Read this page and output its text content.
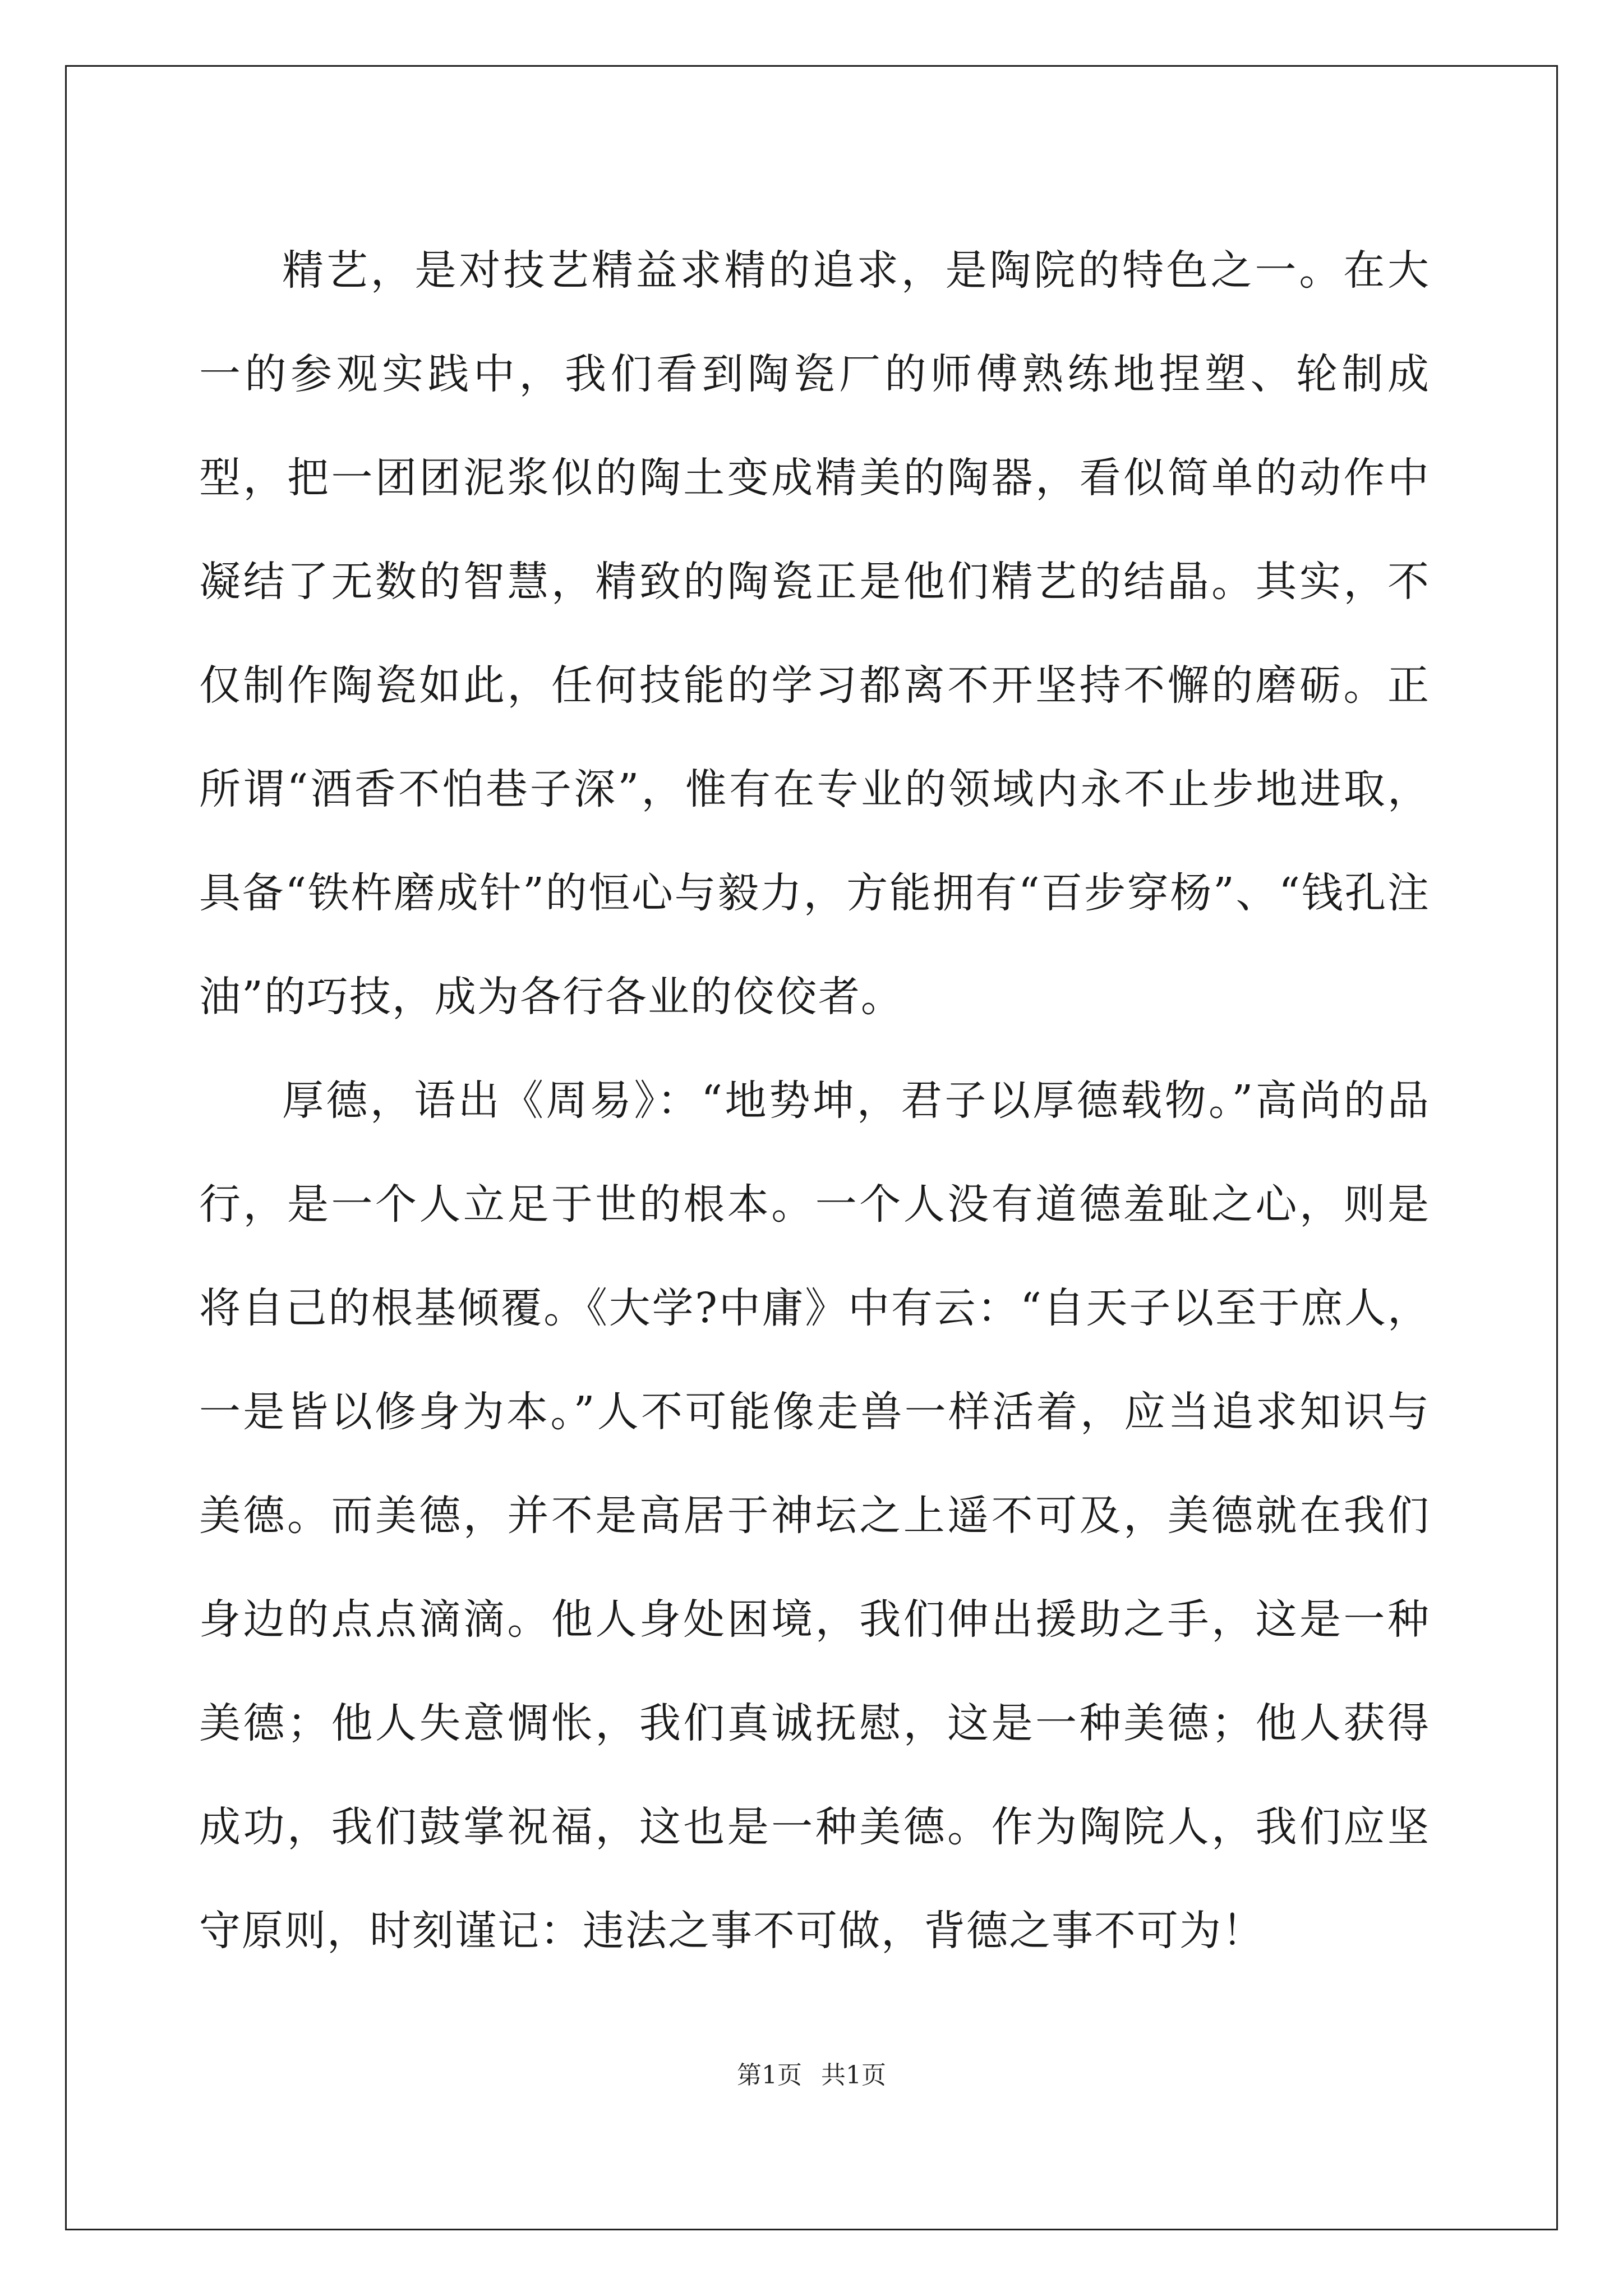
精艺，是对技艺精益求精的追求，是陶院的特色之一。在大一的参观实践中，我们看到陶瓷厂的师傅熟练地捏塑、轮制成型，把一团团泥浆似的陶土变成精美的陶器，看似简单的动作中凝结了无数的智慧，精致的陶瓷正是他们精艺的结晶。其实，不仅制作陶瓷如此，任何技能的学习都离不开坚持不懈的磨砺。正所谓“酒香不怕巷子深”，惟有在专业的领域内永不止步地进取，具备“铁杵磨成针”的恒心与毅力，方能拥有“百步穿杨”、“钱孔注油”的巧技，成为各行各业的佼佼者。

厚德，语出《周易》：“地势坤，君子以厚德载物。”高尚的品行，是一个人立足于世的根本。一个人没有道德羞耻之心，则是将自己的根基倾覆。《大学?中庸》中有云：“自天子以至于庶人，一是皆以修身为本。”人不可能像走兽一样活着，应当追求知识与美德。而美德，并不是高居于神坛之上遥不可及，美德就在我们身边的点点滴滴。他人身处困境，我们伸出援助之手，这是一种美德；他人失意惆怅，我们真诚抚慰，这是一种美德；他人获得成功，我们鼓掌祝福，这也是一种美德。作为陶院人，我们应坚守原则，时刻谨记：违法之事不可做，背德之事不可为！

第1页 共1页
